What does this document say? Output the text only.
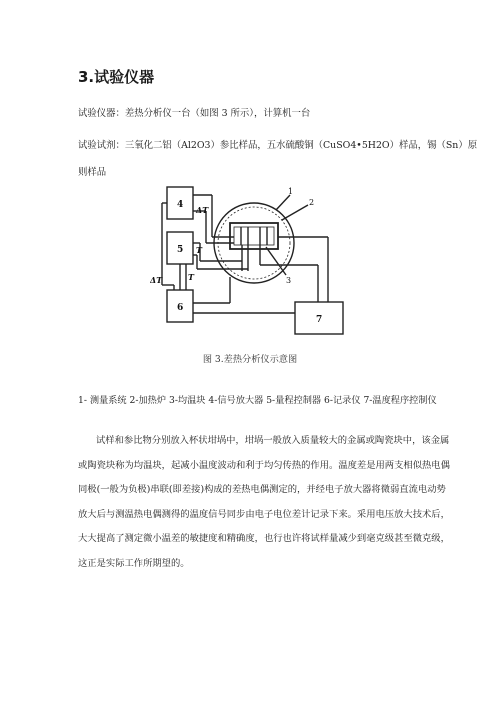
3.试验仪器
试验仪器：差热分析仪一台（如图 3 所示），计算机一台
试验试剂：三氧化二铝（Al2O3）参比样品，五水硫酸铜（CuSO4•5H2O）样品，锡（Sn）原
则样品
4
5
6
7
1
2
3
ΔT
T
T
ΔT
图 3.差热分析仪示意图
1- 测量系统 2-加热炉 3-均温块 4-信号放大器 5-量程控制器 6-记录仪 7-温度程序控制仪
试样和参比物分别放入杯状坩埚中，坩埚一般放入质量较大的金属或陶瓷块中，该金属
或陶瓷块称为均温块，起减小温度波动和利于均匀传热的作用。温度差是用两支相似热电偶
同极(一般为负极)串联(即差接)构成的差热电偶测定的，并经电子放大器将微弱直流电动势
放大后与测温热电偶测得的温度信号同步由电子电位差计记录下来。采用电压放大技术后，
大大提高了测定微小温差的敏捷度和精确度，也行也许将试样量减少到毫克级甚至微克级，
这正是实际工作所期望的。
